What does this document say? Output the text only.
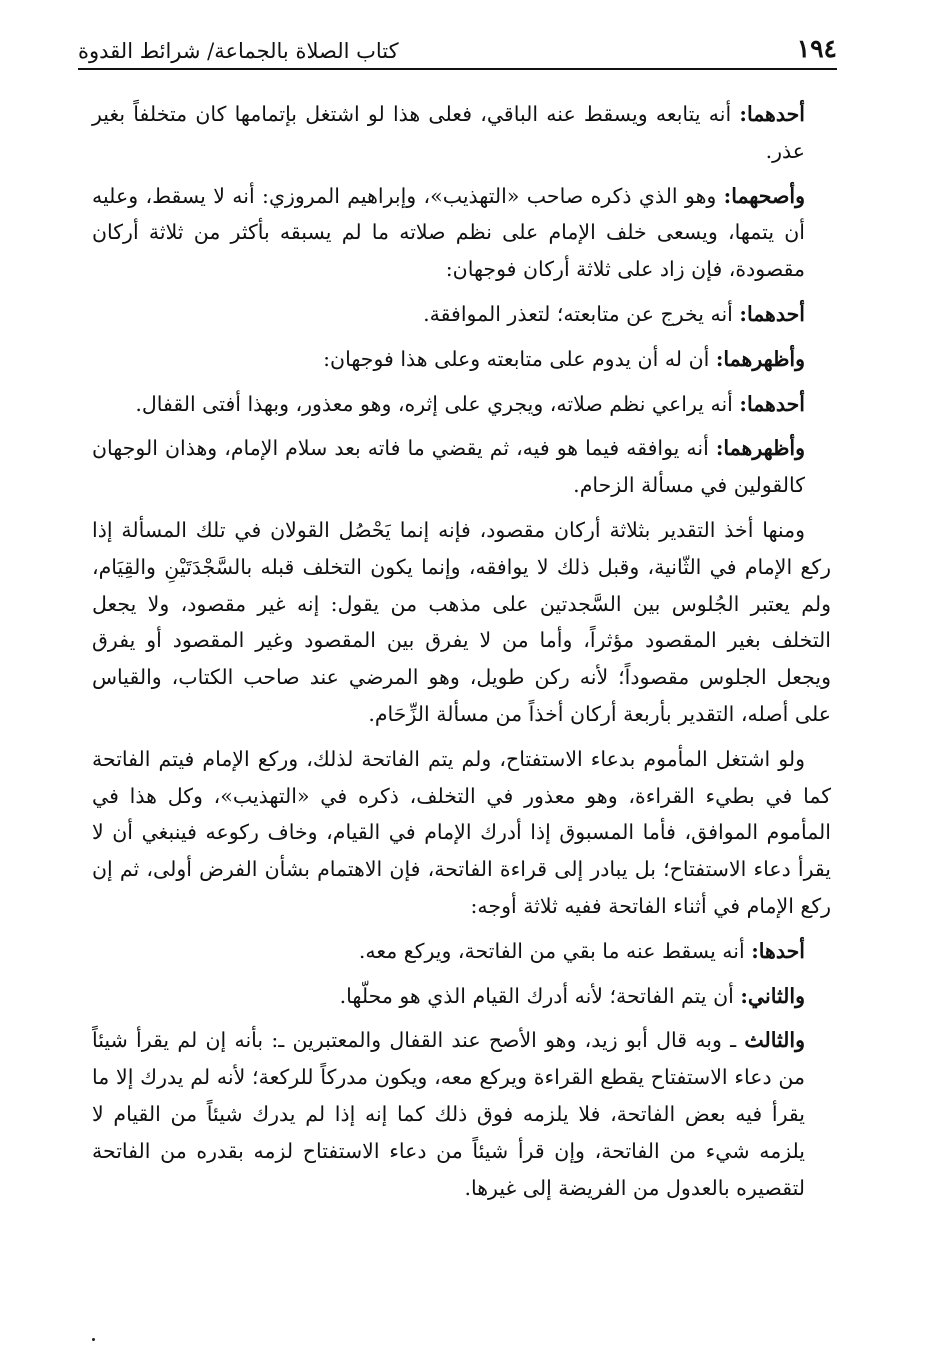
١٩٤
كتاب الصلاة بالجماعة/ شرائط القدوة

أحدهما: أنه يتابعه ويسقط عنه الباقي، فعلى هذا لو اشتغل بإتمامها كان متخلفاً بغير عذر.

وأصحهما: وهو الذي ذكره صاحب «التهذيب»، وإبراهيم المروزي: أنه لا يسقط، وعليه أن يتمها، ويسعى خلف الإمام على نظم صلاته ما لم يسبقه بأكثر من ثلاثة أركان مقصودة، فإن زاد على ثلاثة أركان فوجهان:

أحدهما: أنه يخرج عن متابعته؛ لتعذر الموافقة.

وأظهرهما: أن له أن يدوم على متابعته وعلى هذا فوجهان:

أحدهما: أنه يراعي نظم صلاته، ويجري على إثره، وهو معذور، وبهذا أفتى القفال.

وأظهرهما: أنه يوافقه فيما هو فيه، ثم يقضي ما فاته بعد سلام الإمام، وهذان الوجهان كالقولين في مسألة الزحام.

ومنها أخذ التقدير بثلاثة أركان مقصود، فإنه إنما يَحْصُل القولان في تلك المسألة إذا ركع الإمام في الثّانية، وقبل ذلك لا يوافقه، وإنما يكون التخلف قبله بالسَّجْدَتَيْنِ والقِيَام، ولم يعتبر الجُلوس بين السَّجدتين على مذهب من يقول: إنه غير مقصود، ولا يجعل التخلف بغير المقصود مؤثراً، وأما من لا يفرق بين المقصود وغير المقصود أو يفرق ويجعل الجلوس مقصوداً؛ لأنه ركن طويل، وهو المرضي عند صاحب الكتاب، والقياس على أصله، التقدير بأربعة أركان أخذاً من مسألة الزِّحَام.

ولو اشتغل المأموم بدعاء الاستفتاح، ولم يتم الفاتحة لذلك، وركع الإمام فيتم الفاتحة كما في بطيء القراءة، وهو معذور في التخلف، ذكره في «التهذيب»، وكل هذا في المأموم الموافق، فأما المسبوق إذا أدرك الإمام في القيام، وخاف ركوعه فينبغي أن لا يقرأ دعاء الاستفتاح؛ بل يبادر إلى قراءة الفاتحة، فإن الاهتمام بشأن الفرض أولى، ثم إن ركع الإمام في أثناء الفاتحة ففيه ثلاثة أوجه:

أحدها: أنه يسقط عنه ما بقي من الفاتحة، ويركع معه.

والثاني: أن يتم الفاتحة؛ لأنه أدرك القيام الذي هو محلّها.

والثالث ـ وبه قال أبو زيد، وهو الأصح عند القفال والمعتبرين ـ: بأنه إن لم يقرأ شيئاً من دعاء الاستفتاح يقطع القراءة ويركع معه، ويكون مدركاً للركعة؛ لأنه لم يدرك إلا ما يقرأ فيه بعض الفاتحة، فلا يلزمه فوق ذلك كما إنه إذا لم يدرك شيئاً من القيام لا يلزمه شيء من الفاتحة، وإن قرأ شيئاً من دعاء الاستفتاح لزمه بقدره من الفاتحة لتقصيره بالعدول من الفريضة إلى غيرها.
